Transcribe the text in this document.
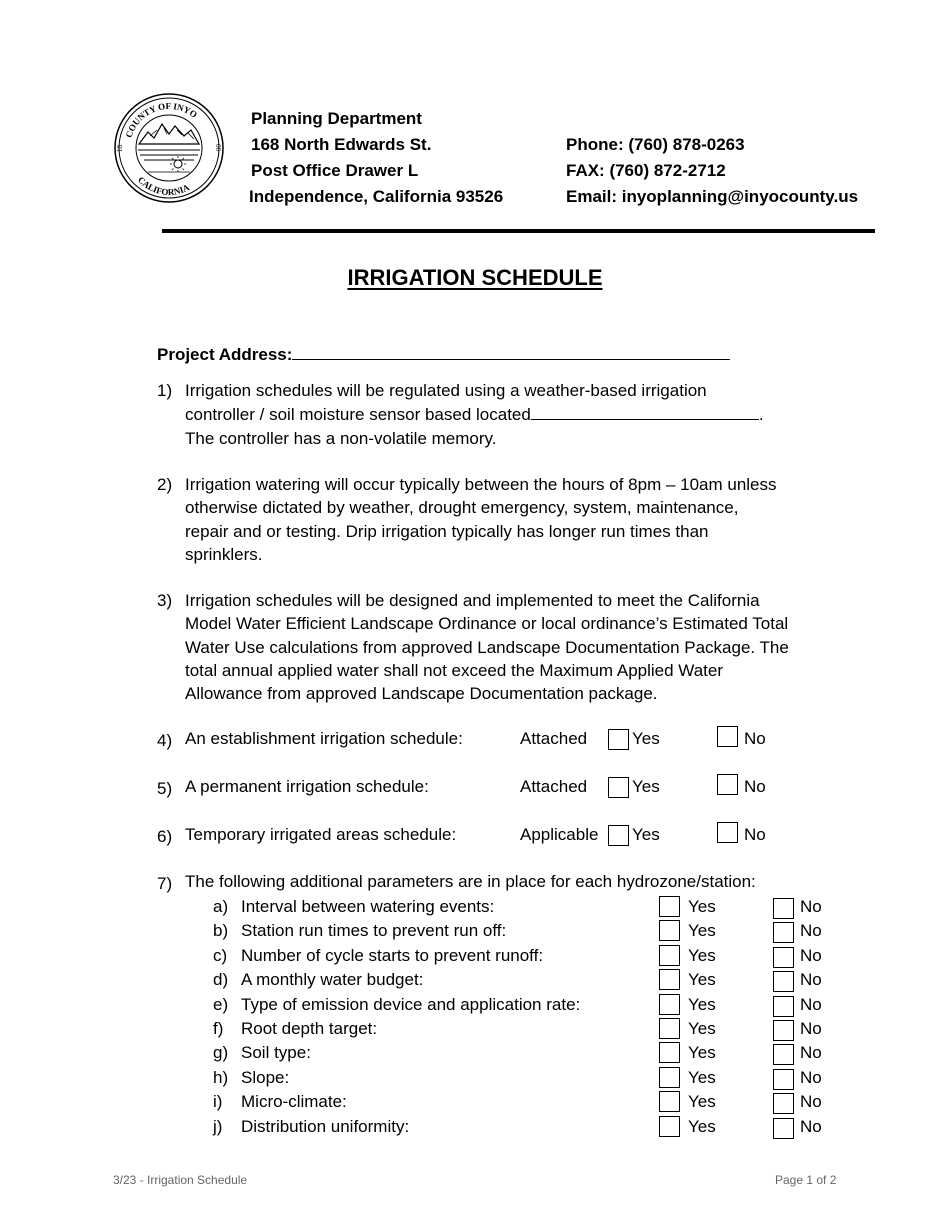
COUNTY OF INYO
CALIFORNIA
18	66
Planning Department
168 North Edwards St.
Post Office Drawer L
Independence, California 93526
Phone: (760) 878-0263
FAX: (760) 872-2712
Email: inyoplanning@inyocounty.us
IRRIGATION SCHEDULE
Project Address:
1) Irrigation schedules will be regulated using a weather-based irrigation
controller / soil moisture sensor based located	.
The controller has a non-volatile memory.
2) Irrigation watering will occur typically between the hours of 8pm – 10am unless
otherwise dictated by weather, drought emergency, system, maintenance,
repair and or testing. Drip irrigation typically has longer run times than
sprinklers.
3) Irrigation schedules will be designed and implemented to meet the California
Model Water Efficient Landscape Ordinance or local ordinance’s Estimated Total
Water Use calculations from approved Landscape Documentation Package. The
total annual applied water shall not exceed the Maximum Applied Water
Allowance from approved Landscape Documentation package.
4) An establishment irrigation schedule:	Attached	Yes	No
5) A permanent irrigation schedule:	Attached	Yes	No
6) Temporary irrigated areas schedule:	Applicable Yes	No
7) The following additional parameters are in place for each hydrozone/station:
a) Interval between watering events:	Yes	No
b) Station run times to prevent run off:	Yes	No
c) Number of cycle starts to prevent runoff:	Yes	No
d) A monthly water budget:	Yes	No
e) Type of emission device and application rate:	Yes	No
f) Root depth target:	Yes	No
g) Soil type:	Yes	No
h) Slope:	Yes	No
i) Micro-climate:	Yes	No
j) Distribution uniformity:	Yes	No
3/23 - Irrigation Schedule	Page 1 of 2
